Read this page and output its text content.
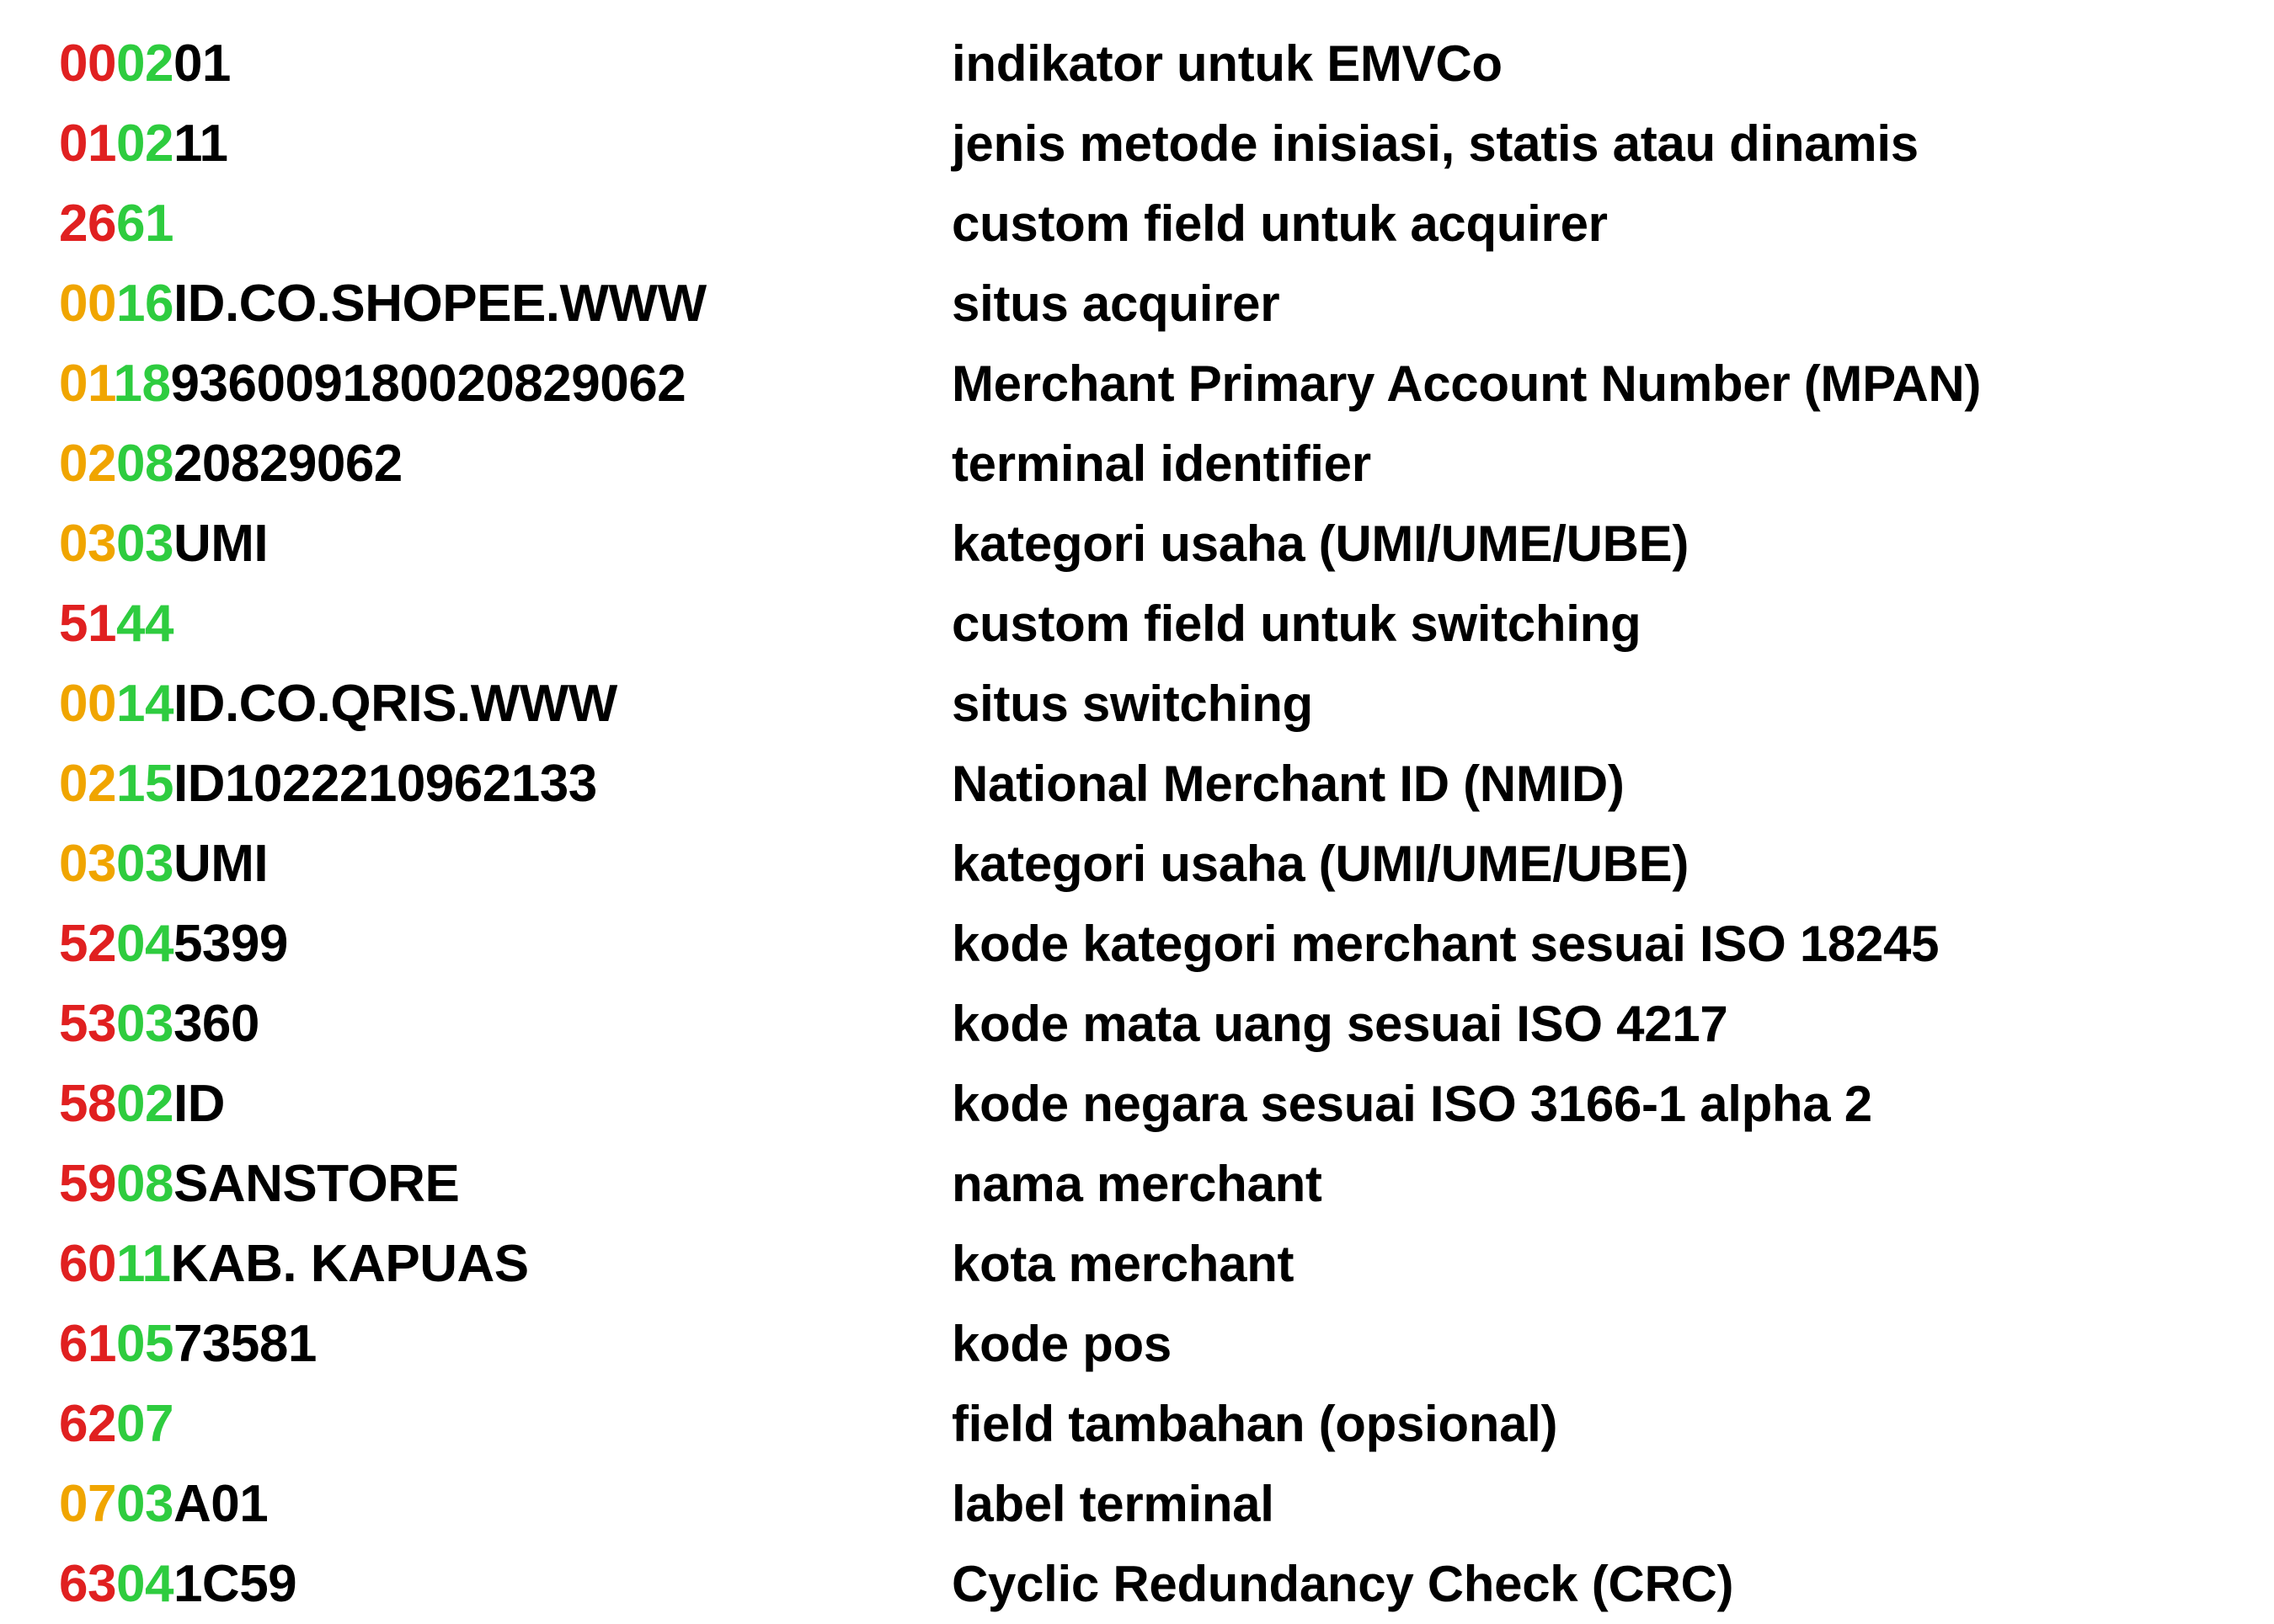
000201	indikator untuk EMVCo
010211	jenis metode inisiasi, statis atau dinamis
2661	custom field untuk acquirer
0016ID.CO.SHOPEE.WWW	situs acquirer
0118936009180020829062	Merchant Primary Account Number (MPAN)
020820829062	terminal identifier
0303UMI	kategori usaha (UMI/UME/UBE)
5144	custom field untuk switching
0014ID.CO.QRIS.WWW	situs switching
0215ID1022210962133	National Merchant ID (NMID)
0303UMI	kategori usaha (UMI/UME/UBE)
52045399	kode kategori merchant sesuai ISO 18245
5303360	kode mata uang sesuai ISO 4217
5802ID	kode negara sesuai ISO 3166-1 alpha 2
5908SANSTORE	nama merchant
6011KAB. KAPUAS	kota merchant
610573581	kode pos
6207	field tambahan (opsional)
0703A01	label terminal
63041C59	Cyclic Redundancy Check (CRC)
